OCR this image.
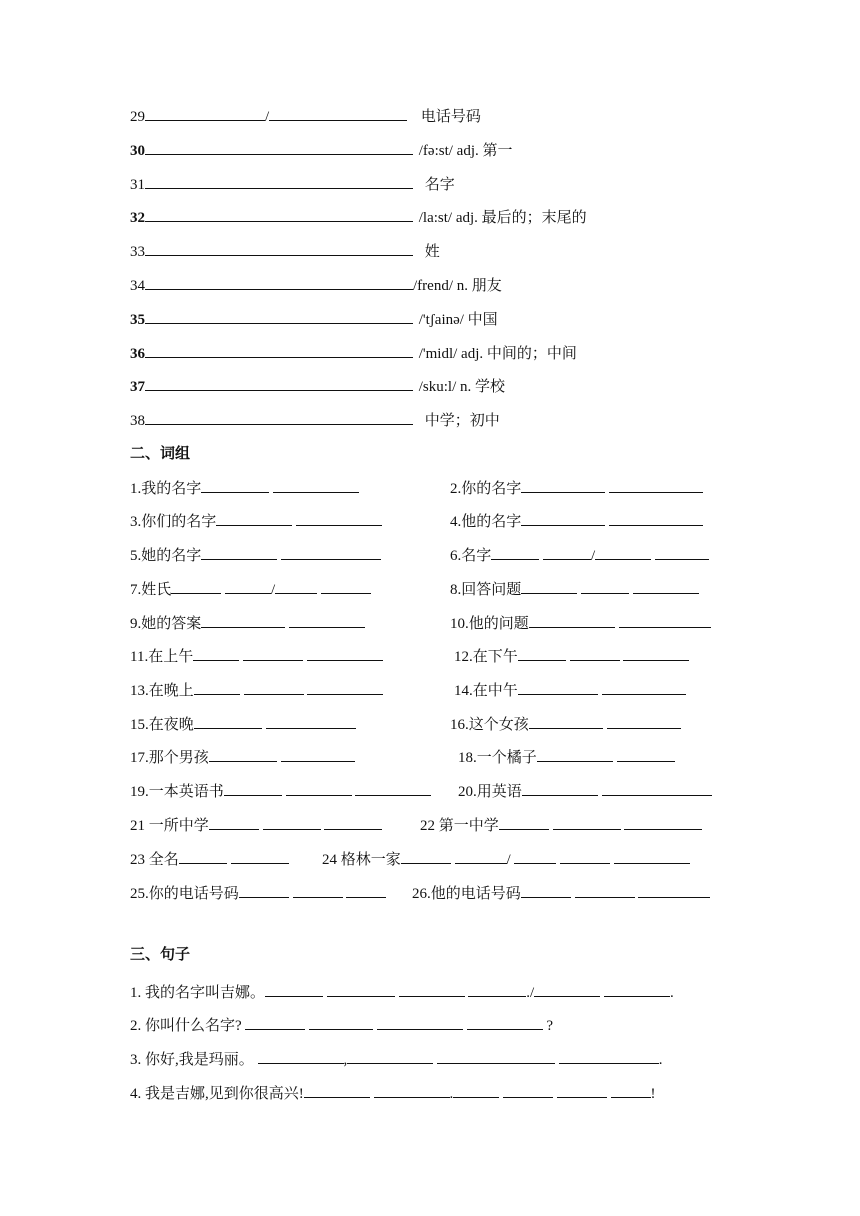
29	/	电话号码
30	/fə:st/ adj. 第一
31	名字
32	/la:st/ adj. 最后的；末尾的
33	姓
34	/frend/ n. 朋友
35	/'tʃainə/ 中国
36	/'midl/ adj. 中间的；中间
37	/sku:l/ n. 学校
38	中学；初中
二、词组
1.我的名字	2.你的名字
3.你们的名字	4.他的名字
5.她的名字	6.名字	/
7.姓氏	/	8.回答问题
9.她的答案	10.他的问题
11.在上午	12.在下午
13.在晚上	14.在中午
15.在夜晚	16.这个女孩
17.那个男孩	18.一个橘子
19.一本英语书	20.用英语
21 一所中学	22 第一中学
23 全名	24 格林一家	/
25.你的电话号码	26.他的电话号码
三、句子
1. 我的名字叫吉娜。	./	.
2. 你叫什么名字?	?
3. 你好,我是玛丽。	,	.
4. 我是吉娜,见到你很高兴!	.	!
